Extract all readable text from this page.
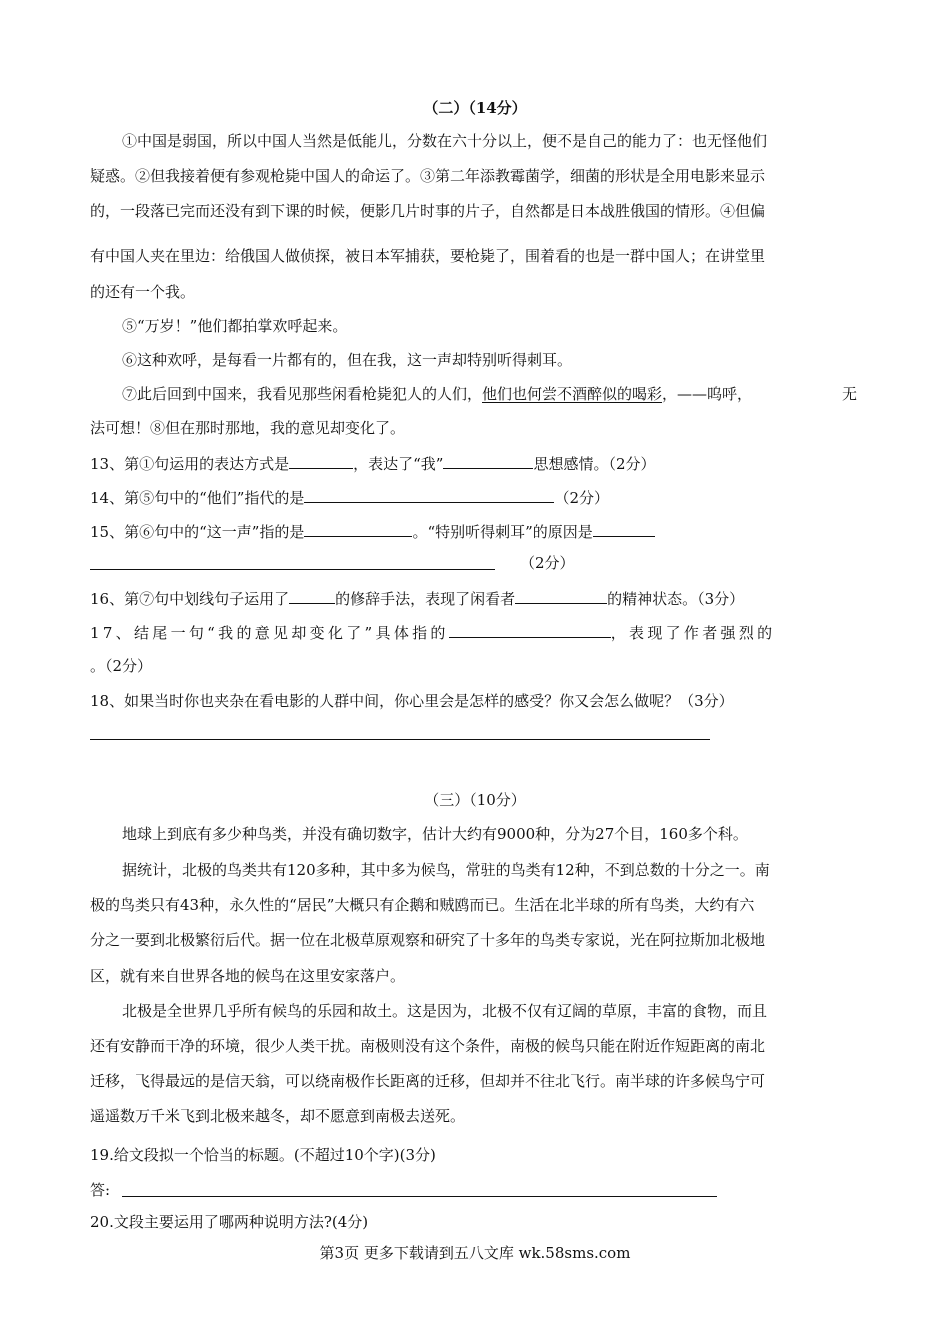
（二）（14分）
①中国是弱国，所以中国人当然是低能儿，分数在六十分以上，便不是自己的能力了：也无怪他们
疑惑。②但我接着便有参观枪毙中国人的命运了。③第二年添教霉菌学，细菌的形状是全用电影来显示
的，一段落已完而还没有到下课的时候，便影几片时事的片子，自然都是日本战胜俄国的情形。④但偏
有中国人夹在里边：给俄国人做侦探，被日本军捕获，要枪毙了，围着看的也是一群中国人；在讲堂里
的还有一个我。
⑤“万岁！”他们都拍掌欢呼起来。
⑥这种欢呼，是每看一片都有的，但在我，这一声却特别听得刺耳。
⑦此后回到中国来，我看见那些闲看枪毙犯人的人们，他们也何尝不酒醉似的喝彩，——呜呼，	无
法可想！⑧但在那时那地，我的意见却变化了。
13、第①句运用的表达方式是	，表达了“我”	思想感情。（2分）
14、第⑤句中的“他们”指代的是	（2分）
15、第⑥句中的“这一声”指的是	。“特别听得刺耳”的原因是
（2分）
16、第⑦句中划线句子运用了	的修辞手法，表现了闲看者	的精神状态。（3分）
17、结尾一句“我的意见却变化了”具体指的	，表现了作者强烈的
。（2分）
18、如果当时你也夹杂在看电影的人群中间，你心里会是怎样的感受？你又会怎么做呢？（3分）
（三）（10分）
地球上到底有多少种鸟类，并没有确切数字，估计大约有9000种，分为27个目，160多个科。
据统计，北极的鸟类共有120多种，其中多为候鸟，常驻的鸟类有12种，不到总数的十分之一。南
极的鸟类只有43种，永久性的“居民”大概只有企鹅和贼鸥而已。生活在北半球的所有鸟类，大约有六
分之一要到北极繁衍后代。据一位在北极草原观察和研究了十多年的鸟类专家说，光在阿拉斯加北极地
区，就有来自世界各地的候鸟在这里安家落户。
北极是全世界几乎所有候鸟的乐园和故土。这是因为，北极不仅有辽阔的草原，丰富的食物，而且
还有安静而干净的环境，很少人类干扰。南极则没有这个条件，南极的候鸟只能在附近作短距离的南北
迁移，飞得最远的是信天翁，可以绕南极作长距离的迁移，但却并不往北飞行。南半球的许多候鸟宁可
遥遥数万千米飞到北极来越冬，却不愿意到南极去送死。
19.给文段拟一个恰当的标题。(不超过10个字)(3分)
答:
20.文段主要运用了哪两种说明方法?(4分)
第3页 更多下载请到五八文库 wk.58sms.com
